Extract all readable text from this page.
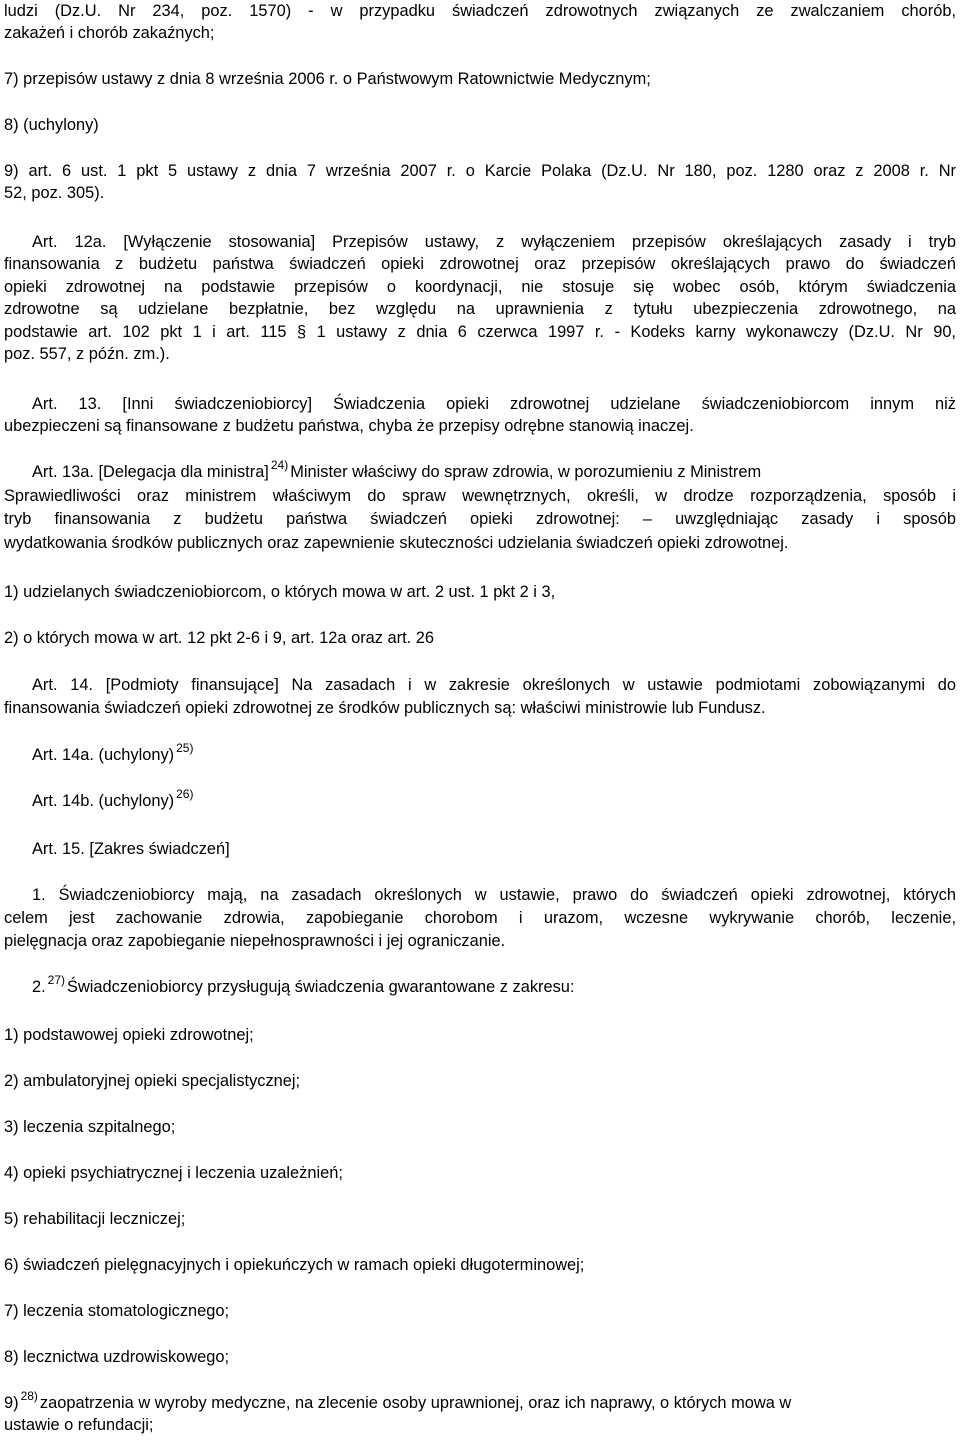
ludzi (Dz.U. Nr 234, poz. 1570) - w przypadku świadczeń zdrowotnych związanych ze zwalczaniem chorób,
zakażeń i chorób zakaźnych;
7) przepisów ustawy z dnia 8 września 2006 r. o Państwowym Ratownictwie Medycznym;
8) (uchylony)
9) art. 6 ust. 1 pkt 5 ustawy z dnia 7 września 2007 r. o Karcie Polaka (Dz.U. Nr 180, poz. 1280 oraz z 2008 r. Nr
52, poz. 305).
Art. 12a. [Wyłączenie stosowania] Przepisów ustawy, z wyłączeniem przepisów określających zasady i tryb
finansowania z budżetu państwa świadczeń opieki zdrowotnej oraz przepisów określających prawo do świadczeń
opieki zdrowotnej na podstawie przepisów o koordynacji, nie stosuje się wobec osób, którym świadczenia
zdrowotne są udzielane bezpłatnie, bez względu na uprawnienia z tytułu ubezpieczenia zdrowotnego, na
podstawie art. 102 pkt 1 i art. 115 § 1 ustawy z dnia 6 czerwca 1997 r. - Kodeks karny wykonawczy (Dz.U. Nr 90,
poz. 557, z późn. zm.).
Art. 13. [Inni świadczeniobiorcy] Świadczenia opieki zdrowotnej udzielane świadczeniobiorcom innym niż
ubezpieczeni są finansowane z budżetu państwa, chyba że przepisy odrębne stanowią inaczej.
Art. 13a. [Delegacja dla ministra] $^{24)}$ Minister właściwy do spraw zdrowia, w porozumieniu z Ministrem
Sprawiedliwości oraz ministrem właściwym do spraw wewnętrznych, określi, w drodze rozporządzenia, sposób i
tryb finansowania z budżetu państwa świadczeń opieki zdrowotnej: – uwzględniając zasady i sposób
wydatkowania środków publicznych oraz zapewnienie skuteczności udzielania świadczeń opieki zdrowotnej.
1) udzielanych świadczeniobiorcom, o których mowa w art. 2 ust. 1 pkt 2 i 3,
2) o których mowa w art. 12 pkt 2-6 i 9, art. 12a oraz art. 26
Art. 14. [Podmioty finansujące] Na zasadach i w zakresie określonych w ustawie podmiotami zobowiązanymi do
finansowania świadczeń opieki zdrowotnej ze środków publicznych są: właściwi ministrowie lub Fundusz.
Art. 14a. (uchylony) $^{25)}$
Art. 14b. (uchylony) $^{26)}$
Art. 15. [Zakres świadczeń]
1. Świadczeniobiorcy mają, na zasadach określonych w ustawie, prawo do świadczeń opieki zdrowotnej, których
celem jest zachowanie zdrowia, zapobieganie chorobom i urazom, wczesne wykrywanie chorób, leczenie,
pielęgnacja oraz zapobieganie niepełnosprawności i jej ograniczanie.
2. $^{27)}$ Świadczeniobiorcy przysługują świadczenia gwarantowane z zakresu:
1) podstawowej opieki zdrowotnej;
2) ambulatoryjnej opieki specjalistycznej;
3) leczenia szpitalnego;
4) opieki psychiatrycznej i leczenia uzależnień;
5) rehabilitacji leczniczej;
6) świadczeń pielęgnacyjnych i opiekuńczych w ramach opieki długoterminowej;
7) leczenia stomatologicznego;
8) lecznictwa uzdrowiskowego;
9) $^{28)}$ zaopatrzenia w wyroby medyczne, na zlecenie osoby uprawnionej, oraz ich naprawy, o których mowa w
ustawie o refundacji;
